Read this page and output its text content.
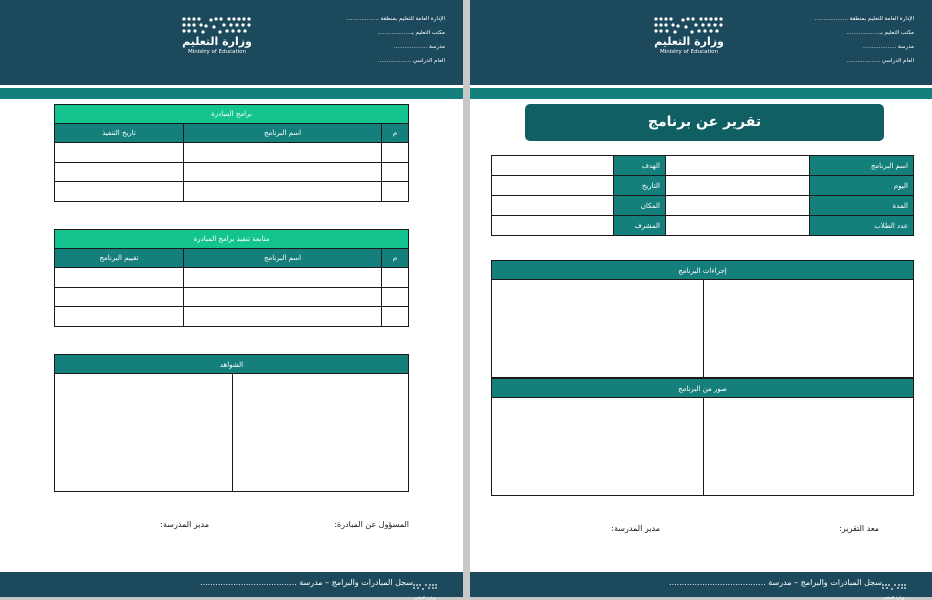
وزارة التعليم
Ministry of Education
الإدارة العامة للتعليم بمنطقة ...................
مكتب التعليم بـ...................
مدرسة ...................
العام الدراسي ...................
برامج المبادرة
م	اسم البرنامج	تاريخ التنفيذ

متابعة تنفيذ برامج المبادرة
م	اسم البرنامج	تقييم البرنامج

الشواهد
المسؤول عن المبادرة:
مدير المدرسة:
وزارة التعليم
سجل المبادرات والبرامج – مدرسة ......................................
وزارة التعليم
Ministry of Education
الإدارة العامة للتعليم بمنطقة ...................
مكتب التعليم بـ...................
مدرسة ...................
العام الدراسي ...................
تقرير عن برنامج
اسم البرنامج		الهدف	
اليوم		التاريخ	
المدة		المكان	
عدد الطلاب		المشرف	
إجراءات البرنامج
صور من البرنامج
معد التقرير:
مدير المدرسة:
وزارة التعليم
سجل المبادرات والبرامج – مدرسة ......................................
